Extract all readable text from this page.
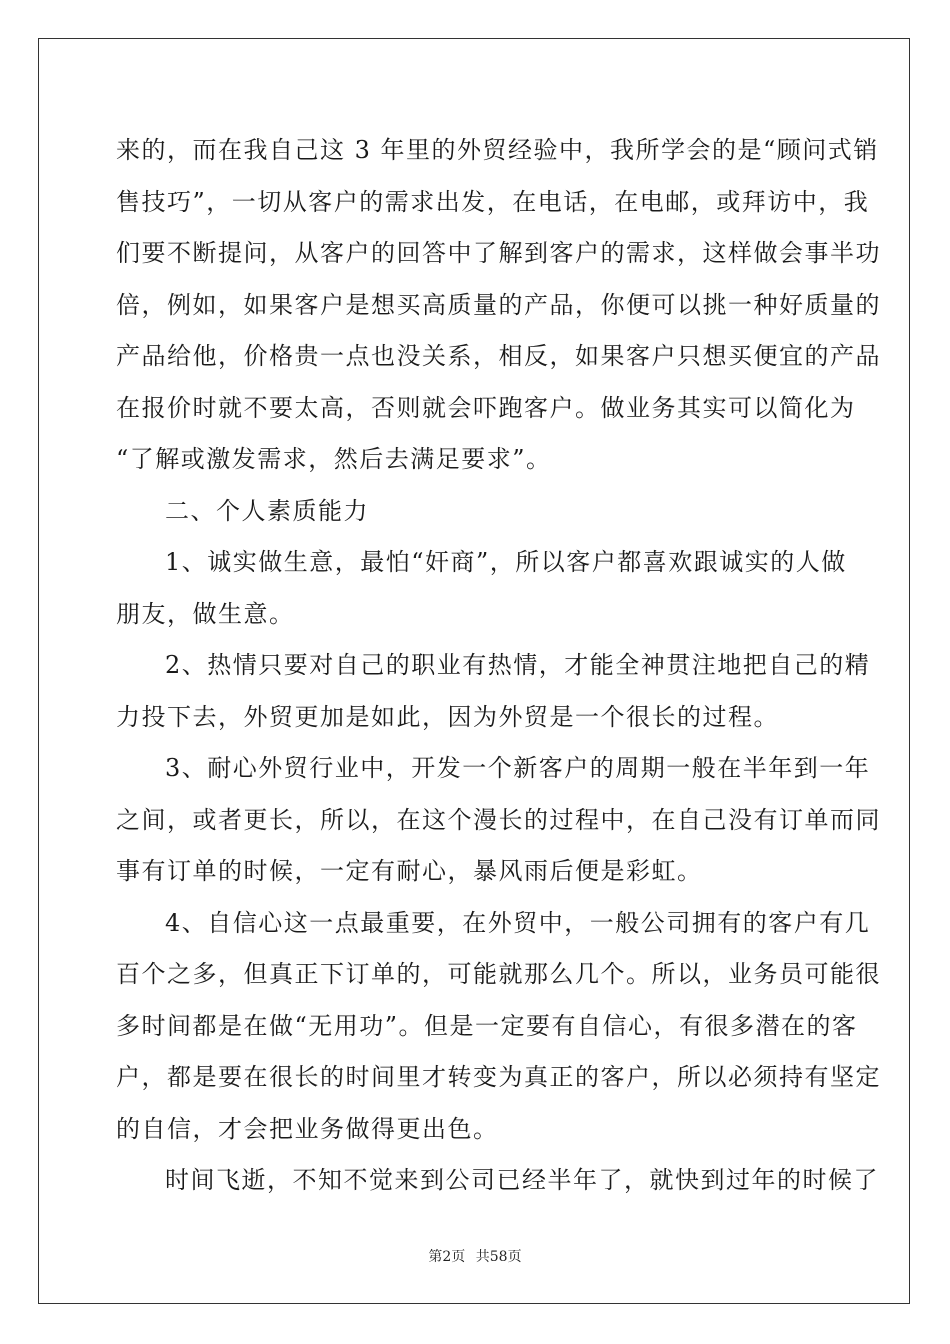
来的，而在我自己这 3 年里的外贸经验中，我所学会的是“顾问式销
售技巧”，一切从客户的需求出发，在电话，在电邮，或拜访中，我
们要不断提问，从客户的回答中了解到客户的需求，这样做会事半功
倍，例如，如果客户是想买高质量的产品，你便可以挑一种好质量的
产品给他，价格贵一点也没关系，相反，如果客户只想买便宜的产品
在报价时就不要太高，否则就会吓跑客户。做业务其实可以简化为
“了解或激发需求，然后去满足要求”。
二、个人素质能力
1、诚实做生意，最怕“奸商”，所以客户都喜欢跟诚实的人做
朋友，做生意。
2、热情只要对自己的职业有热情，才能全神贯注地把自己的精
力投下去，外贸更加是如此，因为外贸是一个很长的过程。
3、耐心外贸行业中，开发一个新客户的周期一般在半年到一年
之间，或者更长，所以，在这个漫长的过程中，在自己没有订单而同
事有订单的时候，一定有耐心，暴风雨后便是彩虹。
4、自信心这一点最重要，在外贸中，一般公司拥有的客户有几
百个之多，但真正下订单的，可能就那么几个。所以，业务员可能很
多时间都是在做“无用功”。但是一定要有自信心，有很多潜在的客
户，都是要在很长的时间里才转变为真正的客户，所以必须持有坚定
的自信，才会把业务做得更出色。
时间飞逝，不知不觉来到公司已经半年了，就快到过年的时候了
第2页 共58页
